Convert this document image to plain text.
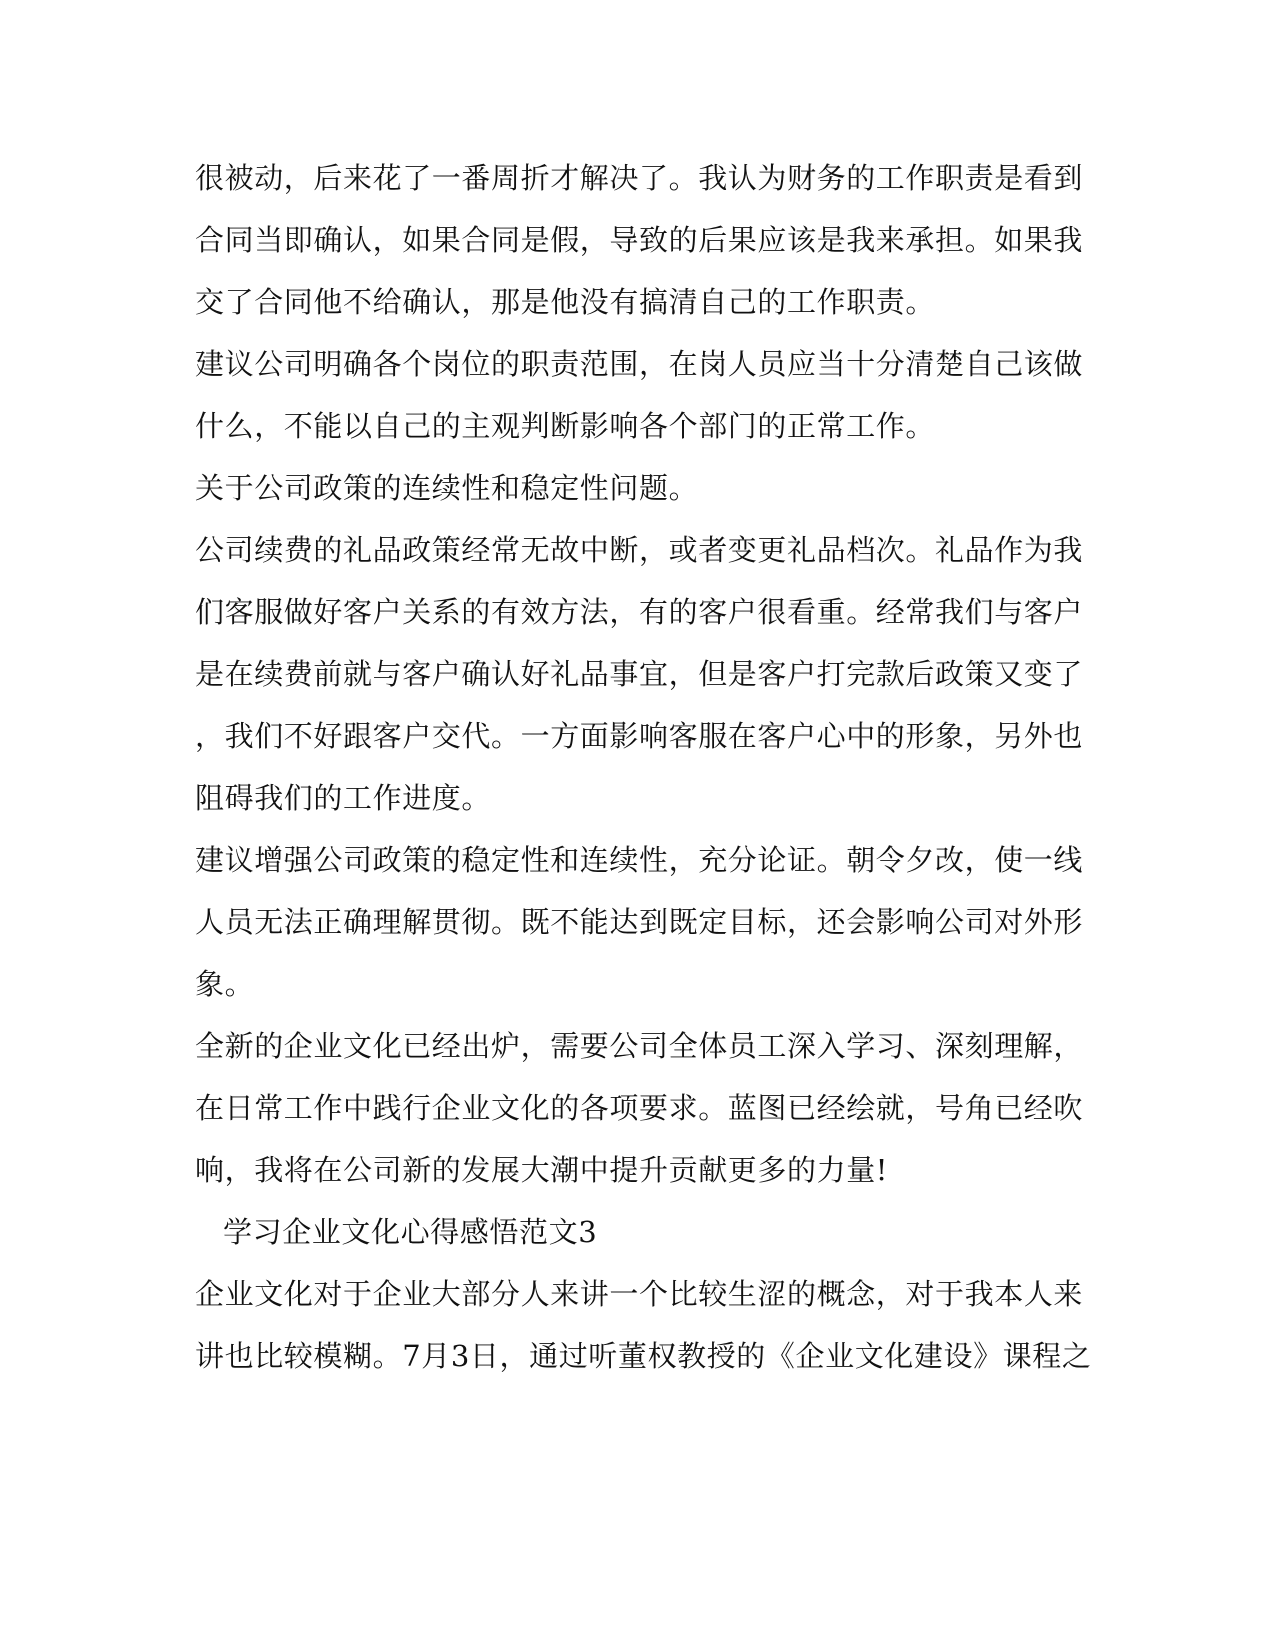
很被动，后来花了一番周折才解决了。我认为财务的工作职责是看到
合同当即确认，如果合同是假，导致的后果应该是我来承担。如果我
交了合同他不给确认，那是他没有搞清自己的工作职责。
建议公司明确各个岗位的职责范围，在岗人员应当十分清楚自己该做
什么，不能以自己的主观判断影响各个部门的正常工作。
关于公司政策的连续性和稳定性问题。
公司续费的礼品政策经常无故中断，或者变更礼品档次。礼品作为我
们客服做好客户关系的有效方法，有的客户很看重。经常我们与客户
是在续费前就与客户确认好礼品事宜，但是客户打完款后政策又变了
，我们不好跟客户交代。一方面影响客服在客户心中的形象，另外也
阻碍我们的工作进度。
建议增强公司政策的稳定性和连续性，充分论证。朝令夕改，使一线
人员无法正确理解贯彻。既不能达到既定目标，还会影响公司对外形
象。
全新的企业文化已经出炉，需要公司全体员工深入学习、深刻理解，
在日常工作中践行企业文化的各项要求。蓝图已经绘就，号角已经吹
响，我将在公司新的发展大潮中提升贡献更多的力量!
学习企业文化心得感悟范文3
企业文化对于企业大部分人来讲一个比较生涩的概念，对于我本人来
讲也比较模糊。7月3日，通过听董权教授的《企业文化建设》课程之
